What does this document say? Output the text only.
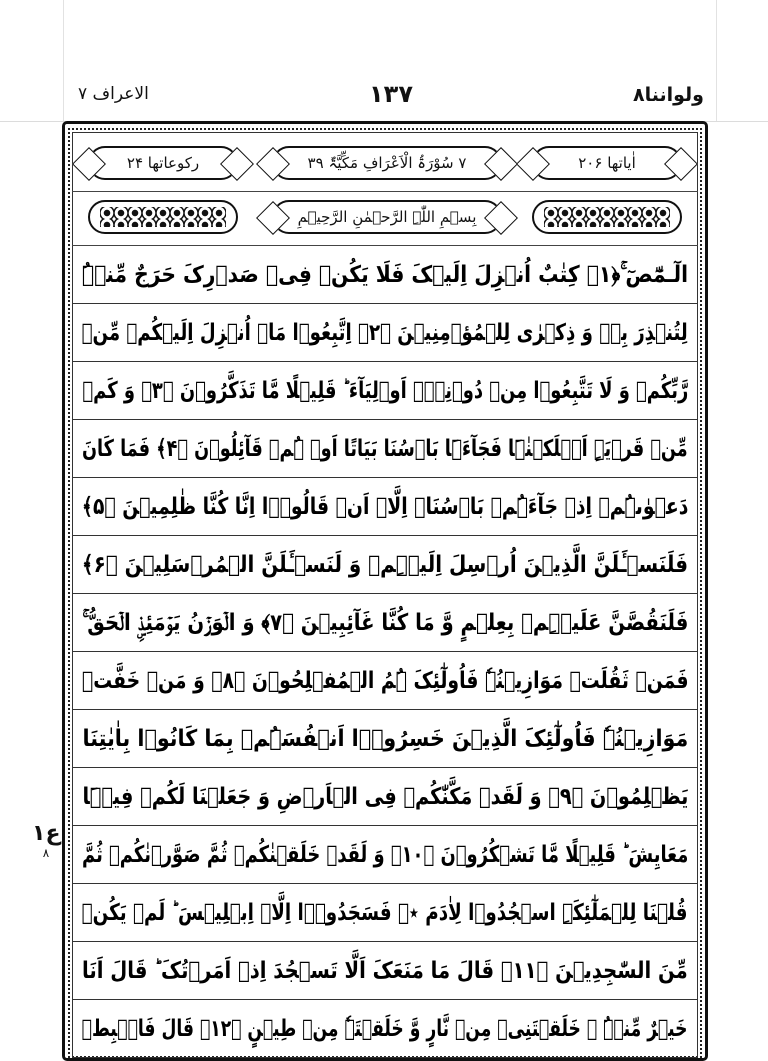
ولواننا۸
۱۳۷
الاعراف ۷
اٰیاتھا ۲۰۶
۷ سُوْرَۃُ الْاَعْرَافِ مَکِّیَّۃٌ ۳۹
رکوعاتھا ۲۴
بِسۡمِ اللّٰہِ الرَّحۡمٰنِ الرَّحِیۡمِ
الٓـمّٓصٓ ۚ﴿۱﴾ کِتٰبٌ اُنۡزِلَ اِلَیۡکَ فَلَا یَکُنۡ فِیۡ صَدۡرِکَ حَرَجٌ مِّنۡہُ
لِتُنۡذِرَ بِہٖ وَ ذِکۡرٰی لِلۡمُؤۡمِنِیۡنَ ﴿۲﴾ اِتَّبِعُوۡا مَاۤ اُنۡزِلَ اِلَیۡکُمۡ مِّنۡ
رَّبِّکُمۡ وَ لَا تَتَّبِعُوۡا مِنۡ دُوۡنِہٖۤ اَوۡلِیَآءَ ؕ قَلِیۡلًا مَّا تَذَکَّرُوۡنَ ﴿۳﴾ وَ کَمۡ
مِّنۡ قَرۡیَۃٍ اَہۡلَکۡنٰہَا فَجَآءَہَا بَاۡسُنَا بَیَاتًا اَوۡ ہُمۡ قَآئِلُوۡنَ ﴿۴﴾ فَمَا کَانَ
دَعۡوٰىہُمۡ اِذۡ جَآءَہُمۡ بَاۡسُنَاۤ اِلَّاۤ اَنۡ قَالُوۡۤا اِنَّا کُنَّا ظٰلِمِیۡنَ ﴿۵﴾
فَلَنَسۡـَٔلَنَّ الَّذِیۡنَ اُرۡسِلَ اِلَیۡہِمۡ وَ لَنَسۡـَٔلَنَّ الۡمُرۡسَلِیۡنَ ﴿۶﴾
فَلَنَقُصَّنَّ عَلَیۡہِمۡ بِعِلۡمٍ وَّ مَا کُنَّا غَآئِبِیۡنَ ﴿۷﴾ وَ الۡوَزۡنُ یَوۡمَئِذِۣ الۡحَقُّ ۚ
فَمَنۡ ثَقُلَتۡ مَوَازِیۡنُہٗ فَاُولٰٓئِکَ ہُمُ الۡمُفۡلِحُوۡنَ ﴿۸﴾ وَ مَنۡ خَفَّتۡ
مَوَازِیۡنُہٗ فَاُولٰٓئِکَ الَّذِیۡنَ خَسِرُوۡۤا اَنۡفُسَہُمۡ بِمَا کَانُوۡا بِاٰیٰتِنَا
یَظۡلِمُوۡنَ ﴿۹﴾ وَ لَقَدۡ مَکَّنّٰکُمۡ فِی الۡاَرۡضِ وَ جَعَلۡنَا لَکُمۡ فِیۡہَا
مَعَایِشَ ؕ قَلِیۡلًا مَّا تَشۡکُرُوۡنَ ﴿۱۰﴾ وَ لَقَدۡ خَلَقۡنٰکُمۡ ثُمَّ صَوَّرۡنٰکُمۡ ثُمَّ
قُلۡنَا لِلۡمَلٰٓئِکَۃِ اسۡجُدُوۡا لِاٰدَمَ ٭ۖ فَسَجَدُوۡۤا اِلَّاۤ اِبۡلِیۡسَ ؕ لَمۡ یَکُنۡ
مِّنَ السّٰجِدِیۡنَ ﴿۱۱﴾ قَالَ مَا مَنَعَکَ اَلَّا تَسۡجُدَ اِذۡ اَمَرۡتُکَ ؕ قَالَ اَنَا
خَیۡرٌ مِّنۡہُ ۚ خَلَقۡتَنِیۡ مِنۡ نَّارٍ وَّ خَلَقۡتَہٗ مِنۡ طِیۡنٍ ﴿۱۲﴾ قَالَ فَاہۡبِطۡ
ع۱
۸
